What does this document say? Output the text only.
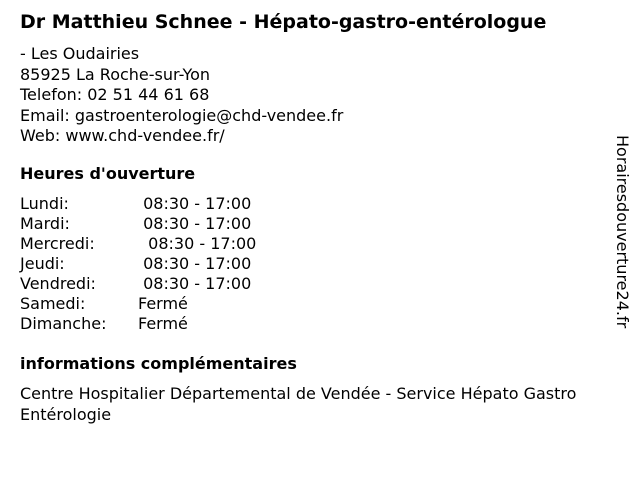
Dr Matthieu Schnee - Hépato-gastro-entérologue
- Les Oudairies
85925 La Roche-sur-Yon
Telefon: 02 51 44 61 68
Email: gastroenterologie@chd-vendee.fr
Web: www.chd-vendee.fr/
Heures d'ouverture
Lundi:	08:30 - 17:00
Mardi:	08:30 - 17:00
Mercredi:	08:30 - 17:00
Jeudi:	08:30 - 17:00
Vendredi:	08:30 - 17:00
Samedi:	Fermé
Dimanche:	Fermé
informations complémentaires
Centre Hospitalier Départemental de Vendée - Service Hépato Gastro  Entérologie
Horairesdouverture24.fr
